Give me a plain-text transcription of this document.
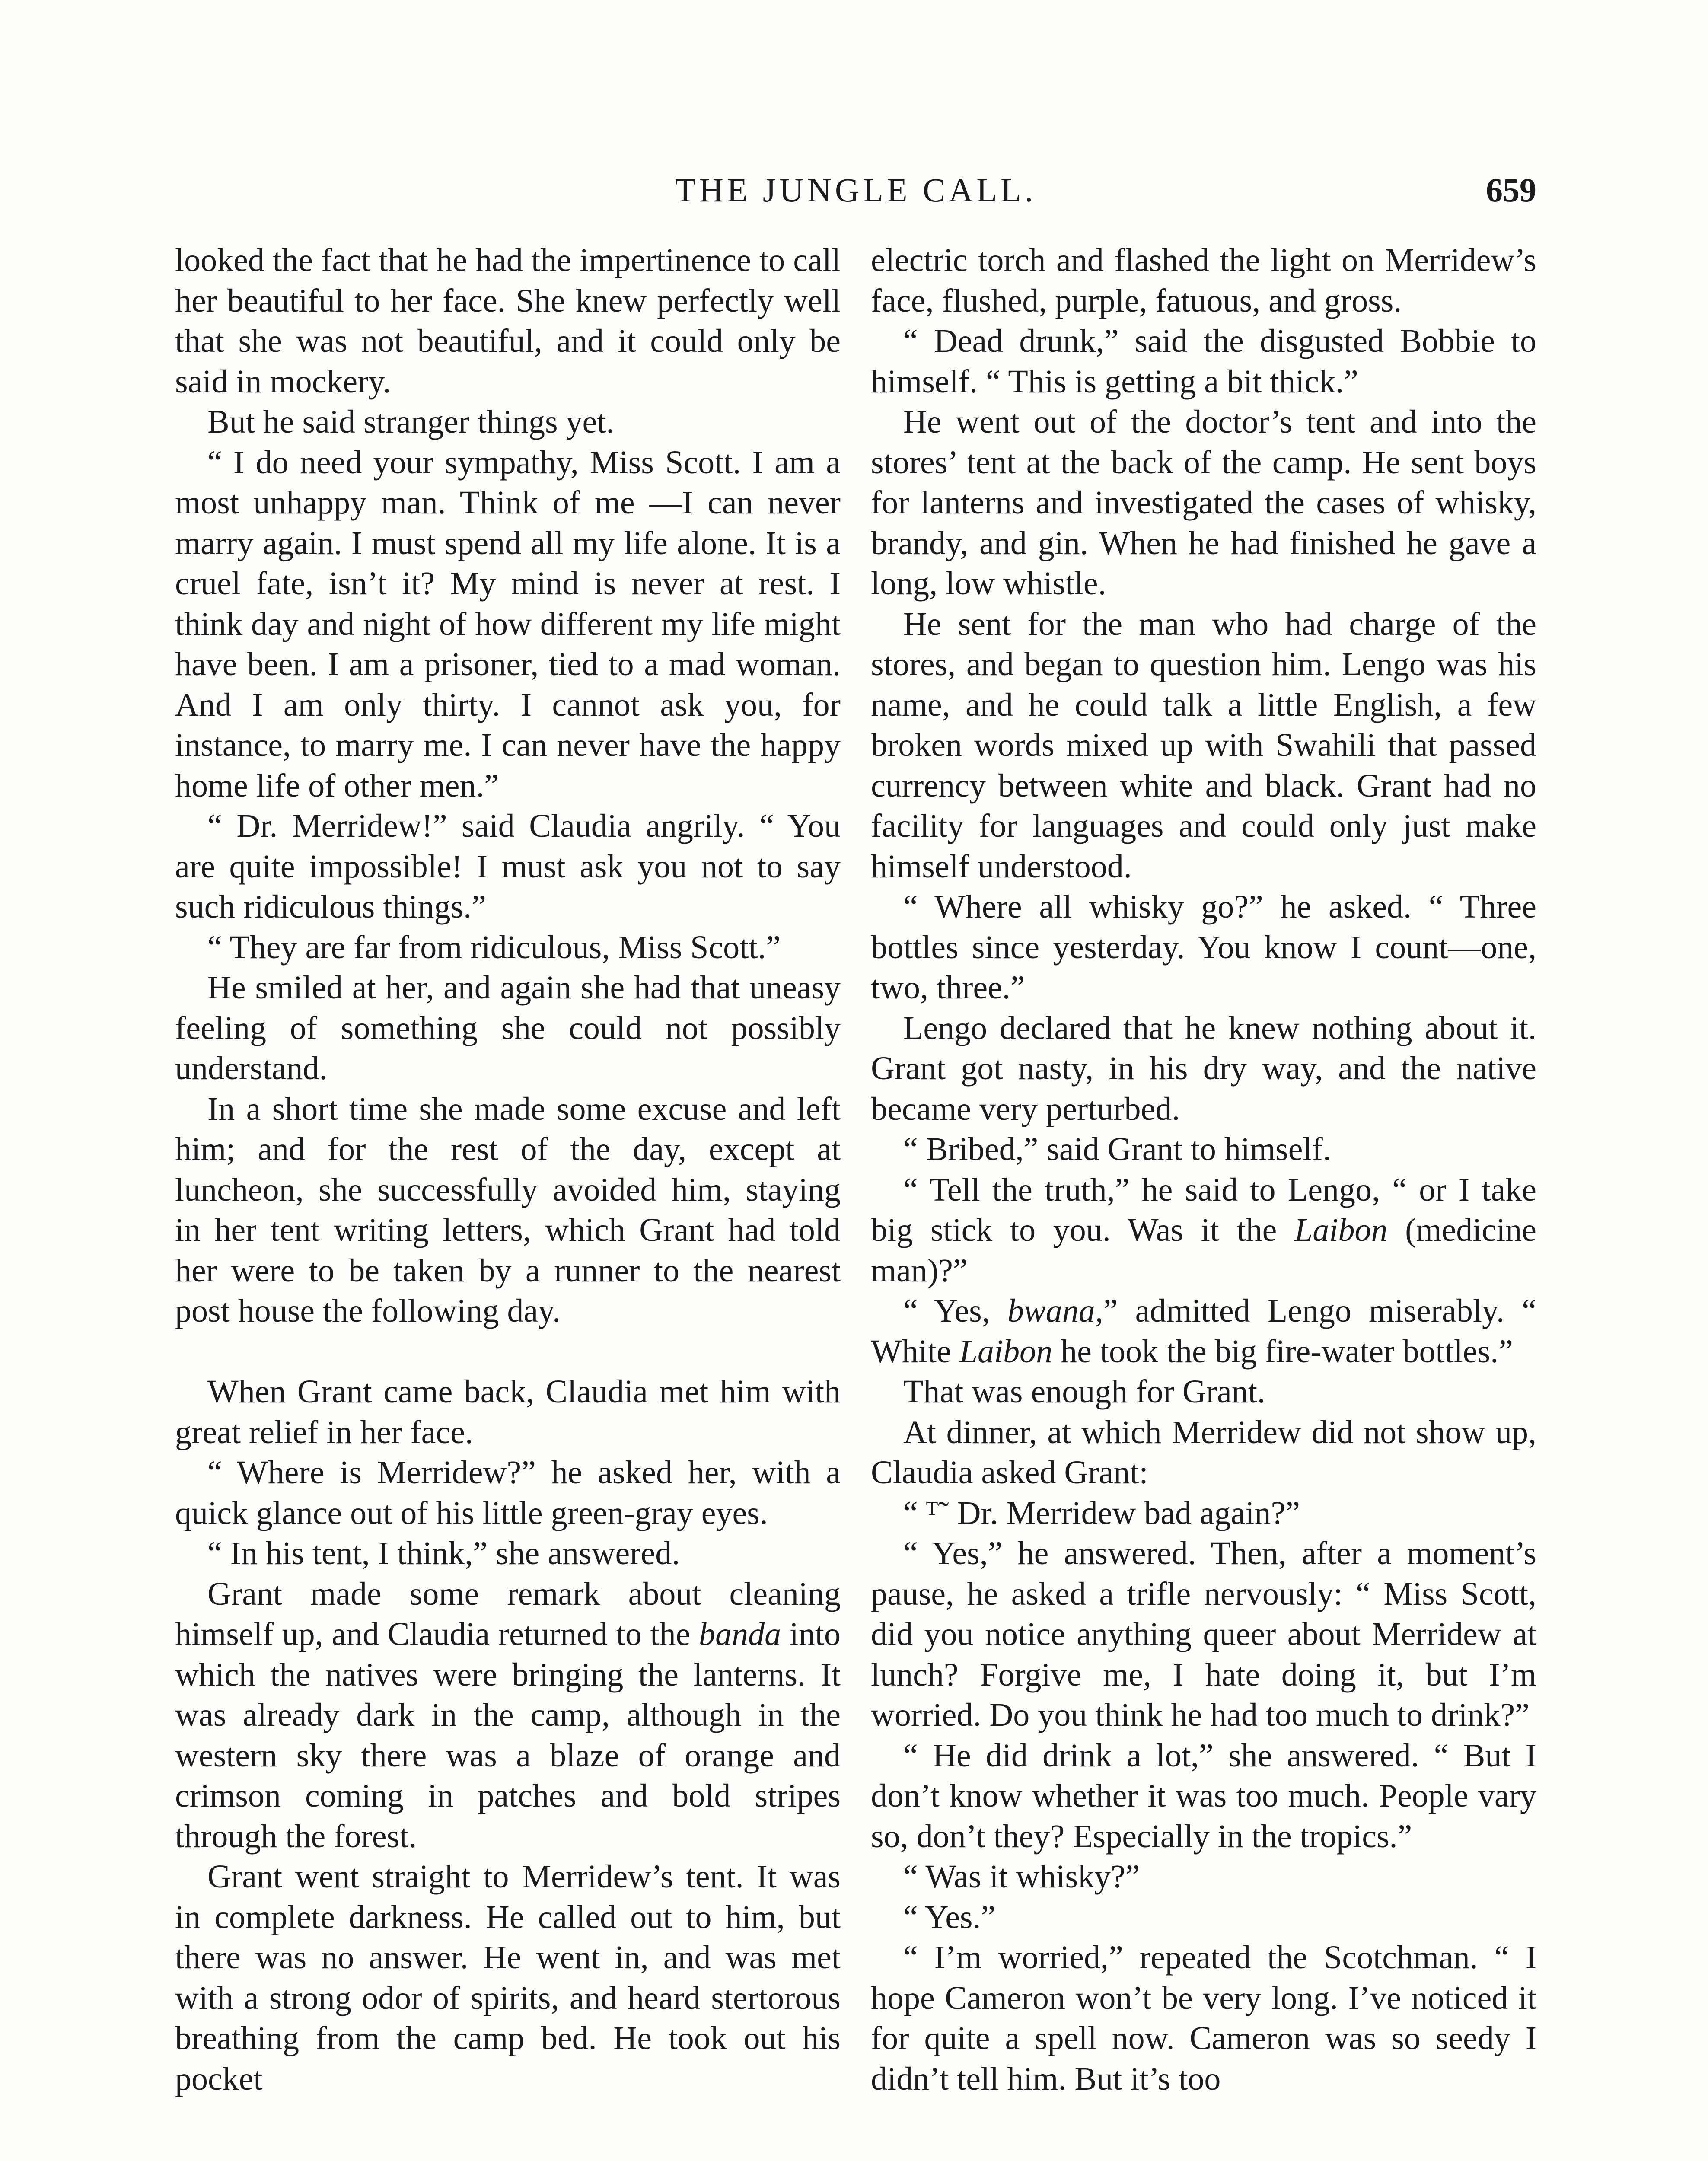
THE JUNGLE CALL.	659

looked the fact that he had the impertinence to call her beautiful to her face. She knew perfectly well that she was not beautiful, and it could only be said in mockery.

But he said stranger things yet.

“ I do need your sympathy, Miss Scott. I am a most unhappy man. Think of me —I can never marry again. I must spend all my life alone. It is a cruel fate, isn’t it? My mind is never at rest. I think day and night of how different my life might have been. I am a prisoner, tied to a mad woman. And I am only thirty. I cannot ask you, for instance, to marry me. I can never have the happy home life of other men.”

“ Dr. Merridew!” said Claudia angrily. “ You are quite impossible! I must ask you not to say such ridiculous things.”

“ They are far from ridiculous, Miss Scott.”

He smiled at her, and again she had that uneasy feeling of something she could not possibly understand.

In a short time she made some excuse and left him; and for the rest of the day, except at luncheon, she successfully avoided him, staying in her tent writing letters, which Grant had told her were to be taken by a runner to the nearest post house the following day.

When Grant came back, Claudia met him with great relief in her face.

“ Where is Merridew?” he asked her, with a quick glance out of his little green-gray eyes.

“ In his tent, I think,” she answered.

Grant made some remark about cleaning himself up, and Claudia returned to the banda into which the natives were bringing the lanterns. It was already dark in the camp, although in the western sky there was a blaze of orange and crimson coming in patches and bold stripes through the forest.

Grant went straight to Merridew’s tent. It was in complete darkness. He called out to him, but there was no answer. He went in, and was met with a strong odor of spirits, and heard stertorous breathing from the camp bed. He took out his pocket

electric torch and flashed the light on Merridew’s face, flushed, purple, fatuous, and gross.

“ Dead drunk,” said the disgusted Bobbie to himself. “ This is getting a bit thick.”

He went out of the doctor’s tent and into the stores’ tent at the back of the camp. He sent boys for lanterns and investigated the cases of whisky, brandy, and gin. When he had finished he gave a long, low whistle.

He sent for the man who had charge of the stores, and began to question him. Lengo was his name, and he could talk a little English, a few broken words mixed up with Swahili that passed currency between white and black. Grant had no facility for languages and could only just make himself understood.

“ Where all whisky go?” he asked. “ Three bottles since yesterday. You know I count—one, two, three.”

Lengo declared that he knew nothing about it. Grant got nasty, in his dry way, and the native became very perturbed.

“ Bribed,” said Grant to himself.

“ Tell the truth,” he said to Lengo, “ or I take big stick to you. Was it the Laibon (medicine man)?”

“ Yes, bwana,” admitted Lengo miserably. “ White Laibon he took the big fire-water bottles.”

That was enough for Grant.

At dinner, at which Merridew did not show up, Claudia asked Grant:

“ ᵀ˜ Dr. Merridew bad again?”

“ Yes,” he answered. Then, after a moment’s pause, he asked a trifle nervously: “ Miss Scott, did you notice anything queer about Merridew at lunch? Forgive me, I hate doing it, but I’m worried. Do you think he had too much to drink?”

“ He did drink a lot,” she answered. “ But I don’t know whether it was too much. People vary so, don’t they? Especially in the tropics.”

“ Was it whisky?”

“ Yes.”

“ I’m worried,” repeated the Scotchman. “ I hope Cameron won’t be very long. I’ve noticed it for quite a spell now. Cameron was so seedy I didn’t tell him. But it’s too
